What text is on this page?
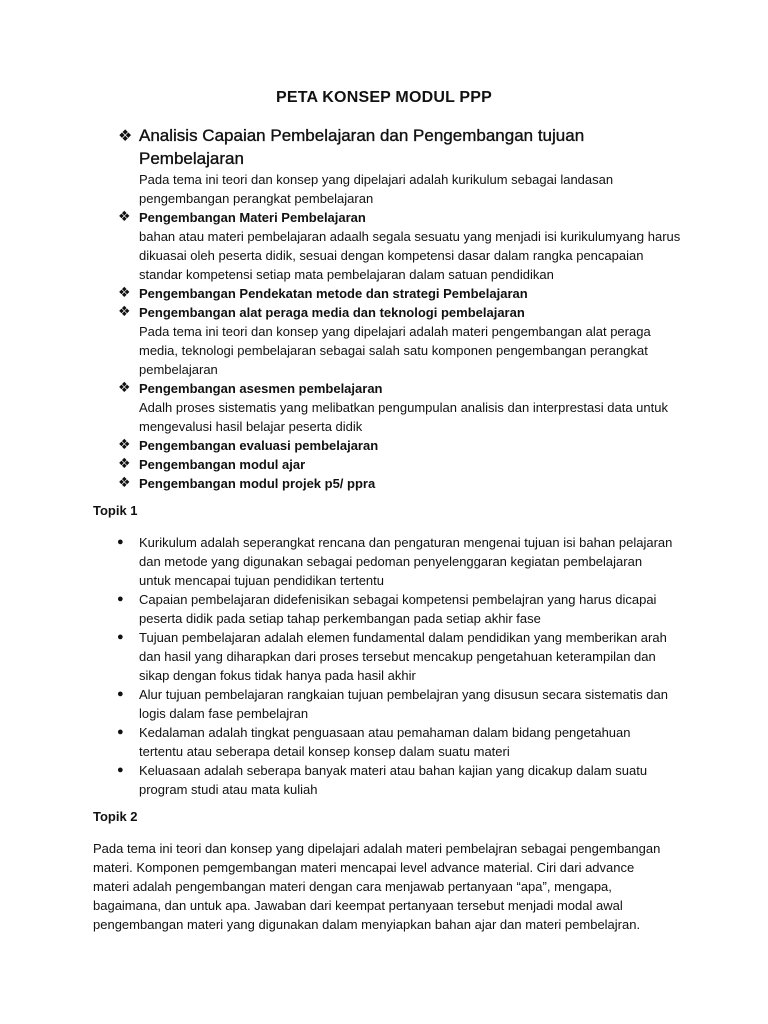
PETA KONSEP MODUL PPP
❖ Analisis Capaian Pembelajaran dan Pengembangan tujuan Pembelajaran
Pada tema ini teori dan konsep yang dipelajari adalah kurikulum sebagai landasan pengembangan perangkat pembelajaran
❖ Pengembangan Materi Pembelajaran
bahan atau materi pembelajaran adaalh segala sesuatu yang menjadi isi kurikulumyang harus dikuasai oleh peserta didik, sesuai dengan kompetensi dasar dalam rangka pencapaian standar kompetensi setiap mata pembelajaran dalam satuan pendidikan
❖ Pengembangan Pendekatan metode dan strategi Pembelajaran
❖ Pengembangan alat peraga media dan teknologi pembelajaran
Pada tema ini teori dan konsep yang dipelajari adalah materi pengembangan alat peraga media, teknologi pembelajaran sebagai salah satu komponen pengembangan perangkat pembelajaran
❖ Pengembangan asesmen pembelajaran
Adalh proses sistematis yang melibatkan pengumpulan analisis dan interprestasi data untuk mengevalusi hasil belajar peserta didik
❖ Pengembangan evaluasi pembelajaran
❖ Pengembangan modul ajar
❖ Pengembangan modul projek p5/ ppra
Topik 1
● Kurikulum adalah seperangkat rencana dan pengaturan mengenai tujuan isi bahan pelajaran dan metode yang digunakan sebagai pedoman penyelenggaran kegiatan pembelajaran untuk mencapai tujuan pendidikan tertentu
● Capaian pembelajaran didefenisikan sebagai kompetensi pembelajran yang harus dicapai peserta didik pada setiap tahap perkembangan pada setiap akhir fase
● Tujuan pembelajaran adalah elemen fundamental dalam pendidikan yang memberikan arah dan hasil yang diharapkan dari proses tersebut mencakup pengetahuan keterampilan dan sikap dengan fokus tidak hanya pada hasil akhir
● Alur tujuan pembelajaran rangkaian tujuan pembelajran yang disusun secara sistematis dan logis dalam fase pembelajran
● Kedalaman adalah tingkat penguasaan atau pemahaman dalam bidang pengetahuan tertentu atau seberapa detail konsep konsep dalam suatu materi
● Keluasaan adalah seberapa banyak materi atau bahan kajian yang dicakup dalam suatu program studi atau mata kuliah
Topik 2

Pada tema ini teori dan konsep yang dipelajari adalah materi pembelajran sebagai pengembangan materi. Komponen pemgembangan materi mencapai level advance material. Ciri dari advance materi adalah pengembangan materi dengan cara menjawab pertanyaan “apa”, mengapa, bagaimana, dan untuk apa. Jawaban dari keempat pertanyaan tersebut menjadi modal awal pengembangan materi yang digunakan dalam menyiapkan bahan ajar dan materi pembelajran.
